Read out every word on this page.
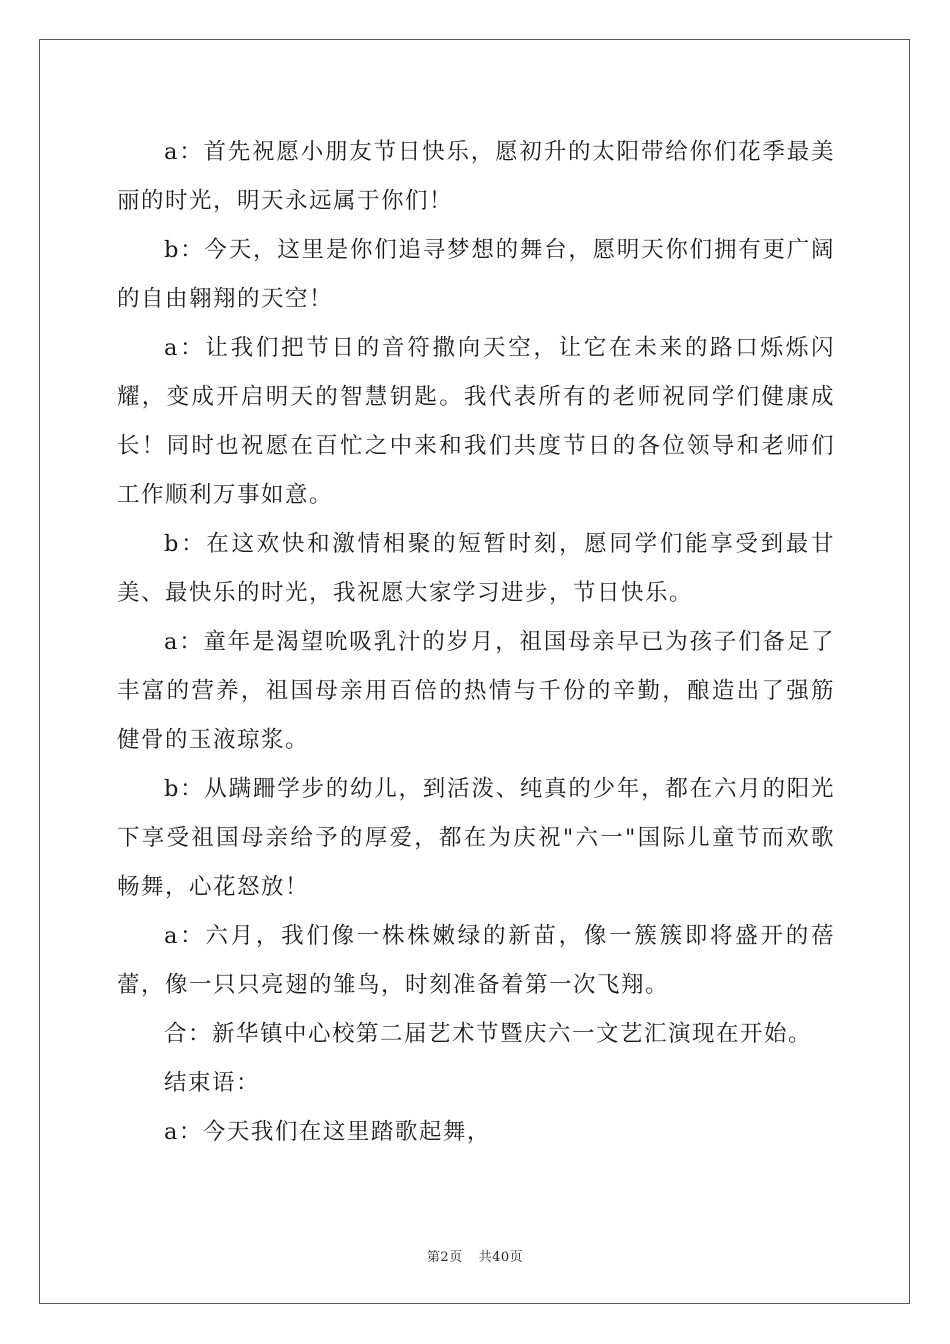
a：首先祝愿小朋友节日快乐，愿初升的太阳带给你们花季最美丽的时光，明天永远属于你们！

b：今天，这里是你们追寻梦想的舞台，愿明天你们拥有更广阔的自由翱翔的天空！

a：让我们把节日的音符撒向天空，让它在未来的路口烁烁闪耀，变成开启明天的智慧钥匙。我代表所有的老师祝同学们健康成长！同时也祝愿在百忙之中来和我们共度节日的各位领导和老师们工作顺利万事如意。

b：在这欢快和激情相聚的短暂时刻，愿同学们能享受到最甘美、最快乐的时光，我祝愿大家学习进步，节日快乐。

a：童年是渴望吮吸乳汁的岁月，祖国母亲早已为孩子们备足了丰富的营养，祖国母亲用百倍的热情与千份的辛勤，酿造出了强筋健骨的玉液琼浆。

b：从蹒跚学步的幼儿，到活泼、纯真的少年，都在六月的阳光下享受祖国母亲给予的厚爱，都在为庆祝"六一"国际儿童节而欢歌畅舞，心花怒放！

a：六月，我们像一株株嫩绿的新苗，像一簇簇即将盛开的蓓蕾，像一只只亮翅的雏鸟，时刻准备着第一次飞翔。

合：新华镇中心校第二届艺术节暨庆六一文艺汇演现在开始。

结束语：

a：今天我们在这里踏歌起舞，

第2页 共40页
